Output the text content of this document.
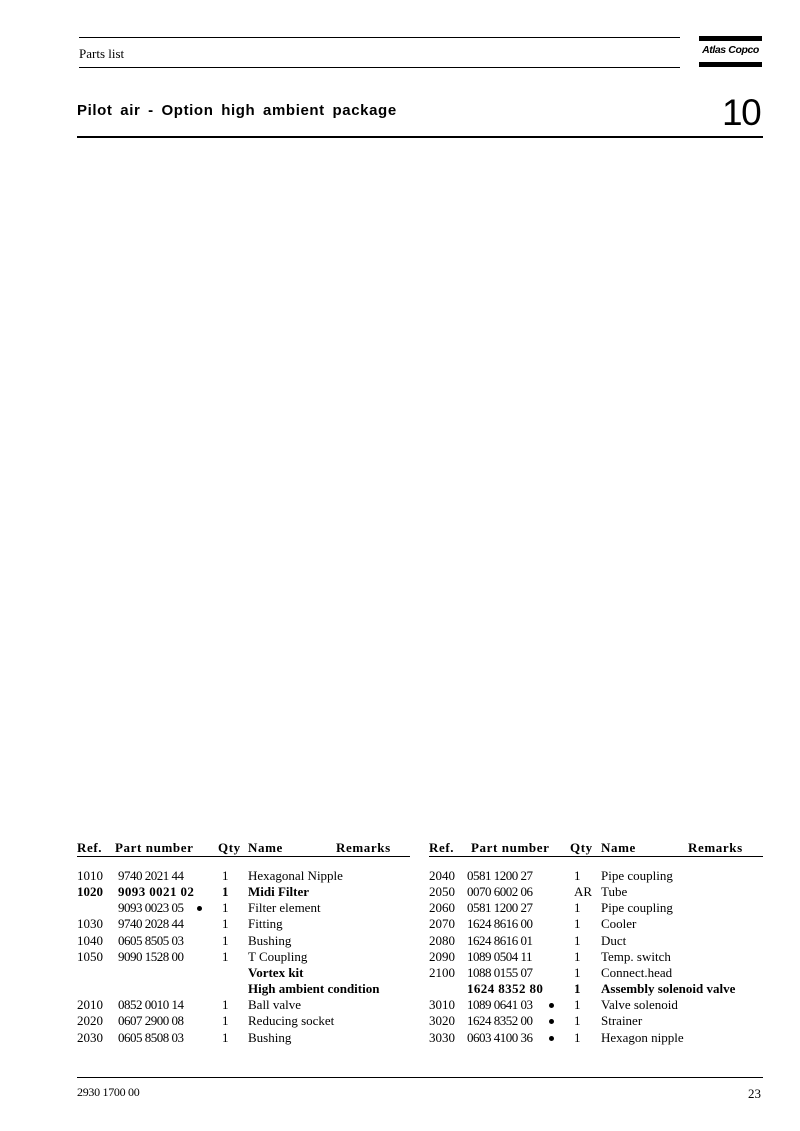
Parts list	Atlas Copco
Pilot air - Option high ambient package	10
Ref. Part number Qty Name	Remarks	Ref. Part number Qty Name	Remarks
1010 9740 2021 44	1 Hexagonal Nipple
1020 9093 0021 02 1 Midi Filter
9093 0023 05	1 Filter element
1030 9740 2028 44	1 Fitting
1040 0605 8505 03	1 Bushing
1050 9090 1528 00	1 T Coupling
Vortex kit
High ambient condition
2010 0852 0010 14	1 Ball valve
2020 0607 2900 08	1 Reducing socket
2030 0605 8508 03	1 Bushing
2040 0581 1200 27	1 Pipe coupling
2050 0070 6002 06	AR Tube
2060 0581 1200 27	1 Pipe coupling
2070 1624 8616 00	1 Cooler
2080 1624 8616 01	1 Duct
2090 1089 0504 11	1 Temp. switch
2100 1088 0155 07	1 Connect.head
1624 8352 80 1 Assembly solenoid valve
3010 1089 0641 03	1 Valve solenoid
3020 1624 8352 00	1 Strainer
3030 0603 4100 36	1 Hexagon nipple
2930 1700 00	23
